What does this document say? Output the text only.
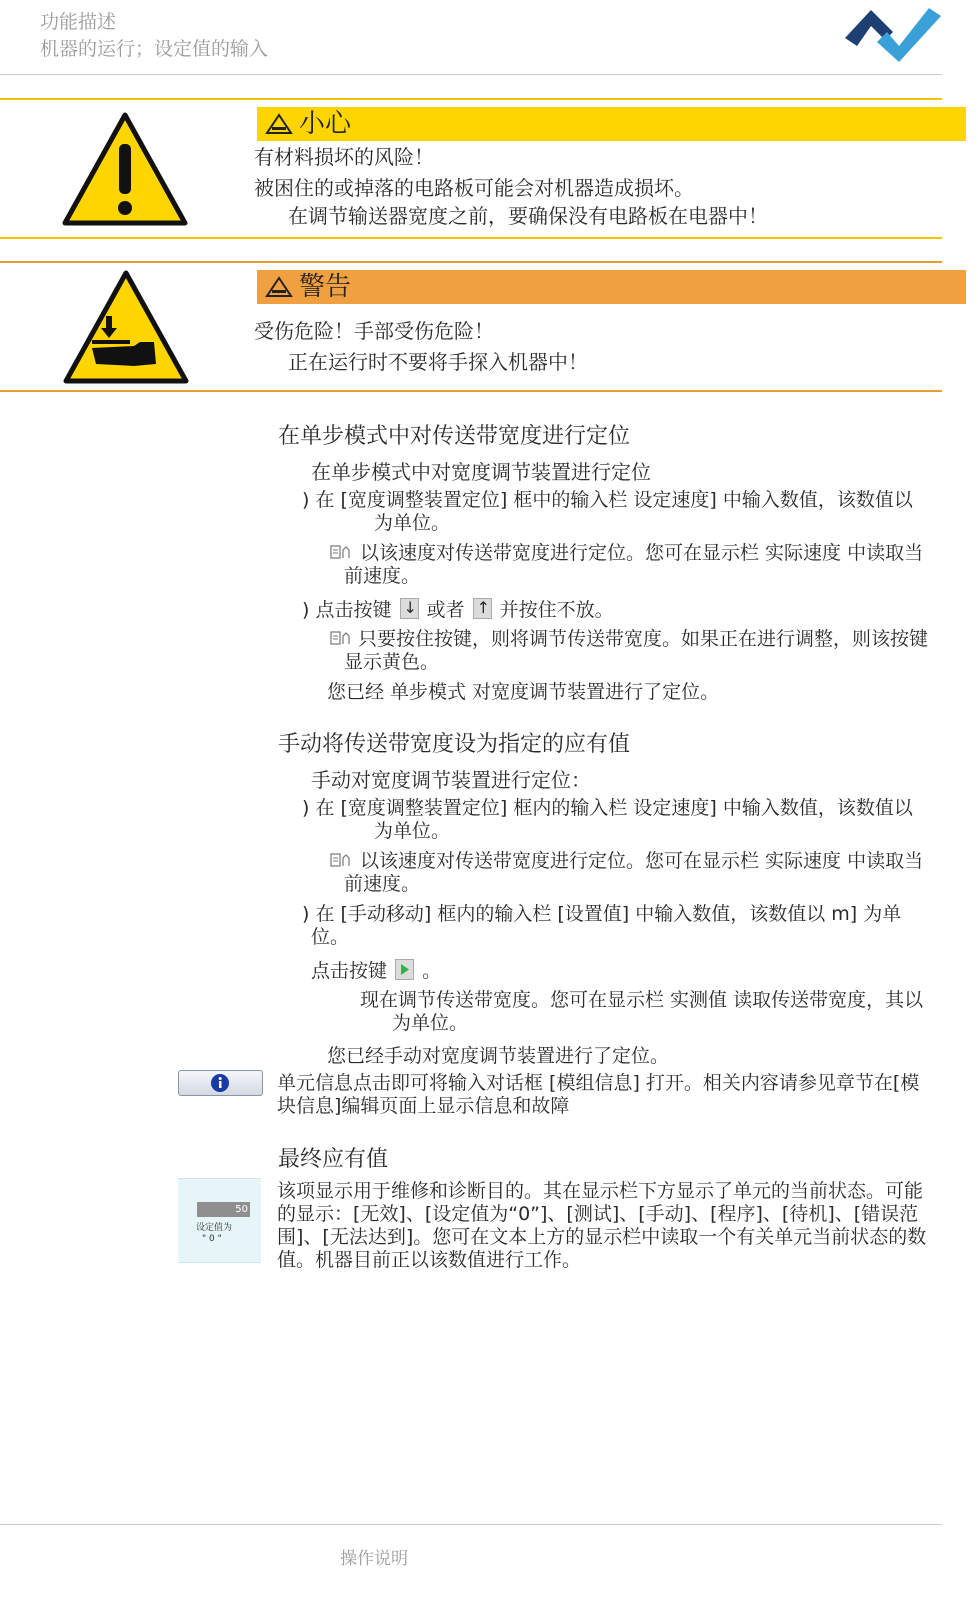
功能描述
机器的运行；设定值的输入
小心
有材料损坏的风险！
被困住的或掉落的电路板可能会对机器造成损坏。
在调节输送器宽度之前，要确保没有电路板在电器中！
警告
受伤危险！手部受伤危险！
正在运行时不要将手探入机器中！
在单步模式中对传送带宽度进行定位
在单步模式中对宽度调节装置进行定位
) 在 [宽度调整装置定位] 框中的输入栏 设定速度] 中输入数值，该数值以
为单位。
以该速度对传送带宽度进行定位。您可在显示栏 实际速度 中读取当
前速度。
) 点击按键 ↓ 或者 ↑ 并按住不放。
只要按住按键，则将调节传送带宽度。如果正在进行调整，则该按键
显示黄色。
您已经 单步模式 对宽度调节装置进行了定位。
手动将传送带宽度设为指定的应有值
手动对宽度调节装置进行定位：
) 在 [宽度调整装置定位] 框内的输入栏 设定速度] 中输入数值，该数值以
为单位。
以该速度对传送带宽度进行定位。您可在显示栏 实际速度 中读取当
前速度。
) 在 [手动移动] 框内的输入栏 [设置值] 中输入数值，该数值以 m] 为单
位。
点击按键 。
现在调节传送带宽度。您可在显示栏 实测值 读取传送带宽度，其以
为单位。
您已经手动对宽度调节装置进行了定位。
单元信息点击即可将输入对话框 [模组信息] 打开。相关内容请参见章节在[模
块信息]编辑页面上显示信息和故障
最终应有值
50
设定值为
" 0 "
该项显示用于维修和诊断目的。其在显示栏下方显示了单元的当前状态。可能
的显示：[无效]、[设定值为“0”]、[测试]、[手动]、[程序]、[待机]、[错误范
围]、[无法达到]。您可在文本上方的显示栏中读取一个有关单元当前状态的数
值。机器目前正以该数值进行工作。
操作说明
